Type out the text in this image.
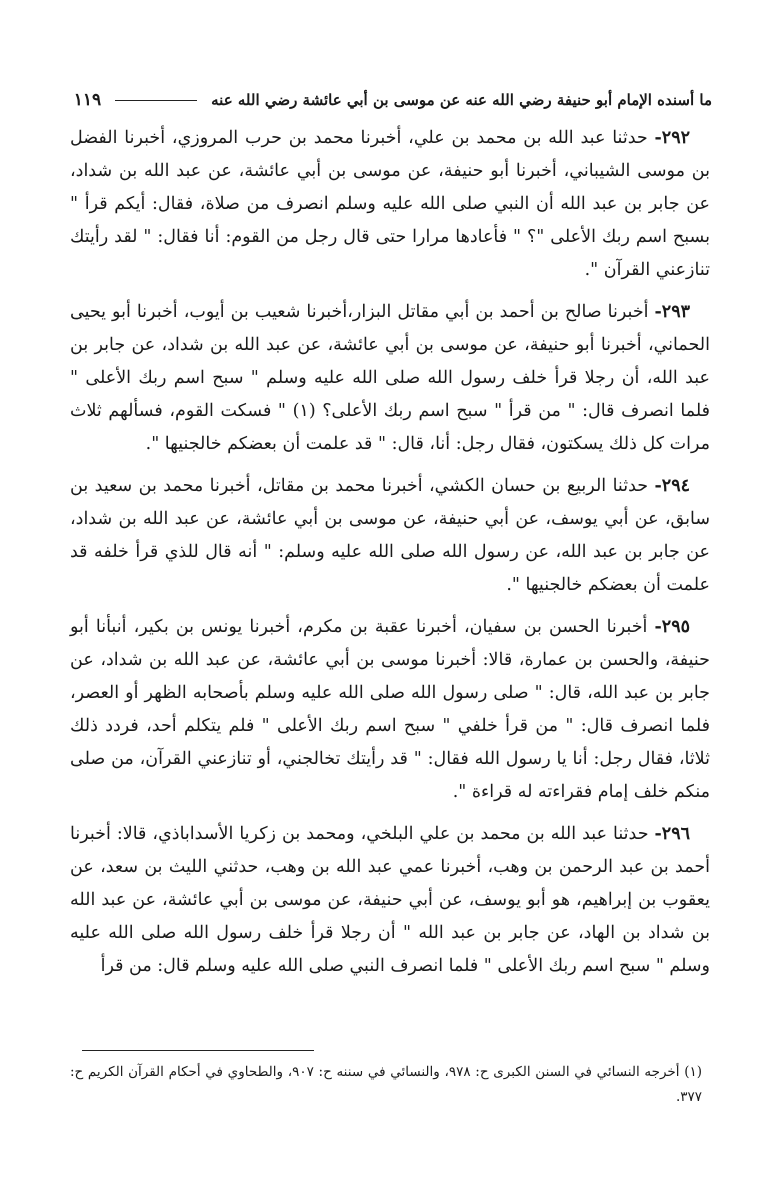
ما أسنده الإمام أبو حنيفة رضي الله عنه عن موسى بن أبي عائشة رضي الله عنه
١١٩

٢٩٢- حدثنا عبد الله بن محمد بن علي، أخبرنا محمد بن حرب المروزي، أخبرنا الفضل بن موسى الشيباني، أخبرنا أبو حنيفة، عن موسى بن أبي عائشة، عن عبد الله بن شداد، عن جابر بن عبد الله أن النبي صلى الله عليه وسلم انصرف من صلاة، فقال: أيكم قرأ " بسبح اسم ربك الأعلى "؟ " فأعادها مرارا حتى قال رجل من القوم: أنا فقال: " لقد رأيتك تنازعني القرآن ".

٢٩٣- أخبرنا صالح بن أحمد بن أبي مقاتل البزار،أخبرنا شعيب بن أيوب، أخبرنا أبو يحيى الحماني، أخبرنا أبو حنيفة، عن موسى بن أبي عائشة، عن عبد الله بن شداد، عن جابر بن عبد الله، أن رجلا قرأ خلف رسول الله صلى الله عليه وسلم " سبح اسم ربك الأعلى " فلما انصرف قال: " من قرأ " سبح اسم ربك الأعلى؟ (١) " فسكت القوم، فسألهم ثلاث مرات كل ذلك يسكتون، فقال رجل: أنا، قال: " قد علمت أن بعضكم خالجنيها ".

٢٩٤- حدثنا الربيع بن حسان الكشي، أخبرنا محمد بن مقاتل، أخبرنا محمد بن سعيد بن سابق، عن أبي يوسف، عن أبي حنيفة، عن موسى بن أبي عائشة، عن عبد الله بن شداد، عن جابر بن عبد الله، عن رسول الله صلى الله عليه وسلم: " أنه قال للذي قرأ خلفه قد علمت أن بعضكم خالجنيها ".

٢٩٥- أخبرنا الحسن بن سفيان، أخبرنا عقبة بن مكرم، أخبرنا يونس بن بكير، أنبأنا أبو حنيفة، والحسن بن عمارة، قالا: أخبرنا موسى بن أبي عائشة، عن عبد الله بن شداد، عن جابر بن عبد الله، قال: " صلى رسول الله صلى الله عليه وسلم بأصحابه الظهر أو العصر، فلما انصرف قال: " من قرأ خلفي " سبح اسم ربك الأعلى " فلم يتكلم أحد، فردد ذلك ثلاثا، فقال رجل: أنا يا رسول الله فقال: " قد رأيتك تخالجني، أو تنازعني القرآن، من صلى منكم خلف إمام فقراءته له قراءة ".

٢٩٦- حدثنا عبد الله بن محمد بن علي البلخي، ومحمد بن زكريا الأسداباذي، قالا: أخبرنا أحمد بن عبد الرحمن بن وهب، أخبرنا عمي عبد الله بن وهب، حدثني الليث بن سعد، عن يعقوب بن إبراهيم، هو أبو يوسف، عن أبي حنيفة، عن موسى بن أبي عائشة، عن عبد الله بن شداد بن الهاد، عن جابر بن عبد الله " أن رجلا قرأ خلف رسول الله صلى الله عليه وسلم " سبح اسم ربك الأعلى " فلما انصرف النبي صلى الله عليه وسلم قال: من قرأ

(١) أخرجه النسائي في السنن الكبرى ح: ٩٧٨، والنسائي في سننه ح: ٩٠٧، والطحاوي في أحكام القرآن الكريم ح: ٣٧٧.
